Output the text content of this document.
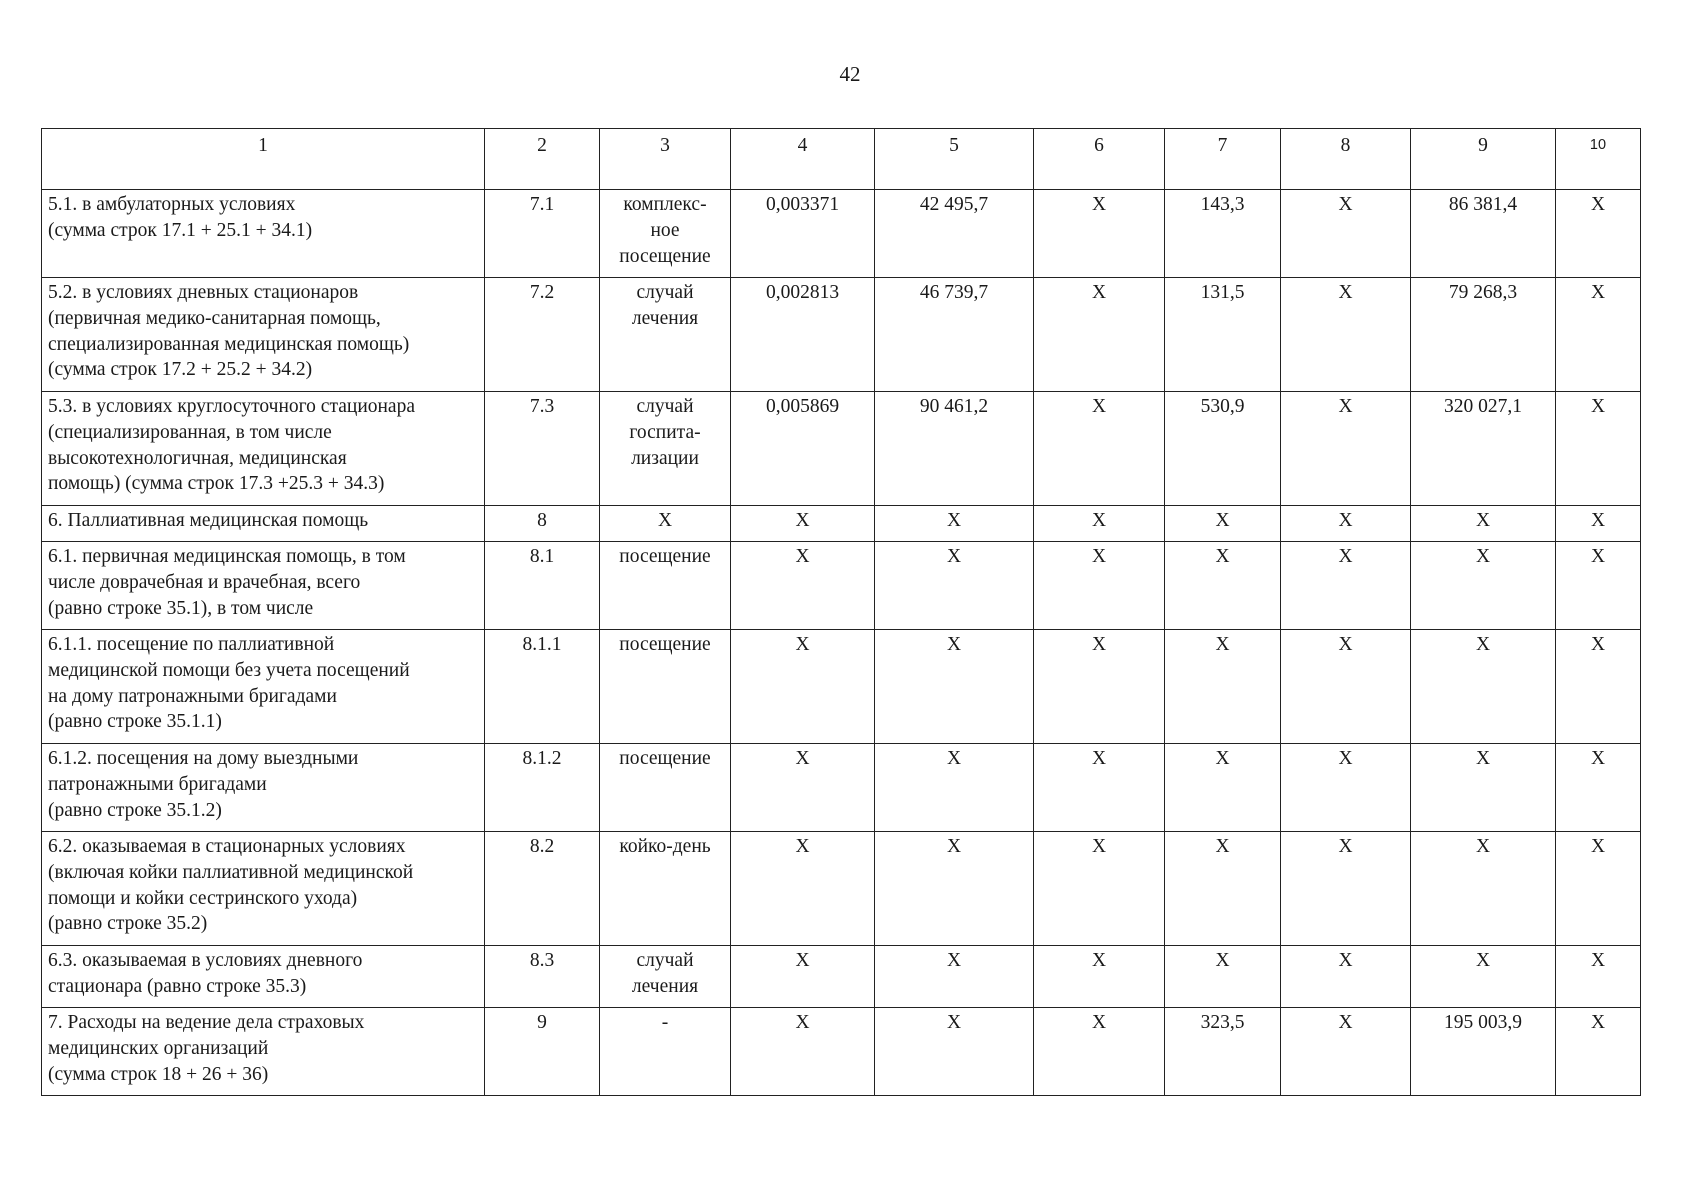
42
1	2	3	4	5	6	7	8	9	10
5.1. в амбулаторных условиях
(сумма строк 17.1 + 25.1 + 34.1)	7.1	комплекс-
ное
посещение	0,003371	42 495,7	Х	143,3	Х	86 381,4	Х
5.2. в условиях дневных стационаров
(первичная медико-санитарная помощь,
специализированная медицинская помощь)
(сумма строк 17.2 + 25.2 + 34.2)	7.2	случай
лечения	0,002813	46 739,7	Х	131,5	Х	79 268,3	Х
5.3. в условиях круглосуточного стационара
(специализированная, в том числе
высокотехнологичная, медицинская
помощь) (сумма строк 17.3 +25.3 + 34.3)	7.3	случай
госпита-
лизации	0,005869	90 461,2	Х	530,9	Х	320 027,1	Х
6. Паллиативная медицинская помощь	8	Х	Х	Х	Х	Х	Х	Х	Х
6.1. первичная медицинская помощь, в том
числе доврачебная и врачебная, всего
(равно строке 35.1), в том числе	8.1	посещение	Х	Х	Х	Х	Х	Х	Х
6.1.1. посещение по паллиативной
медицинской помощи без учета посещений
на дому патронажными бригадами
(равно строке 35.1.1)	8.1.1	посещение	Х	Х	Х	Х	Х	Х	Х
6.1.2. посещения на дому выездными
патронажными бригадами
(равно строке 35.1.2)	8.1.2	посещение	Х	Х	Х	Х	Х	Х	Х
6.2. оказываемая в стационарных условиях
(включая койки паллиативной медицинской
помощи и койки сестринского ухода)
(равно строке 35.2)	8.2	койко-день	Х	Х	Х	Х	Х	Х	Х
6.3. оказываемая в условиях дневного
стационара (равно строке 35.3)	8.3	случай
лечения	Х	Х	Х	Х	Х	Х	Х
7. Расходы на ведение дела страховых
медицинских организаций
(сумма строк 18 + 26 + 36)	9	-	Х	Х	Х	323,5	Х	195 003,9	Х
